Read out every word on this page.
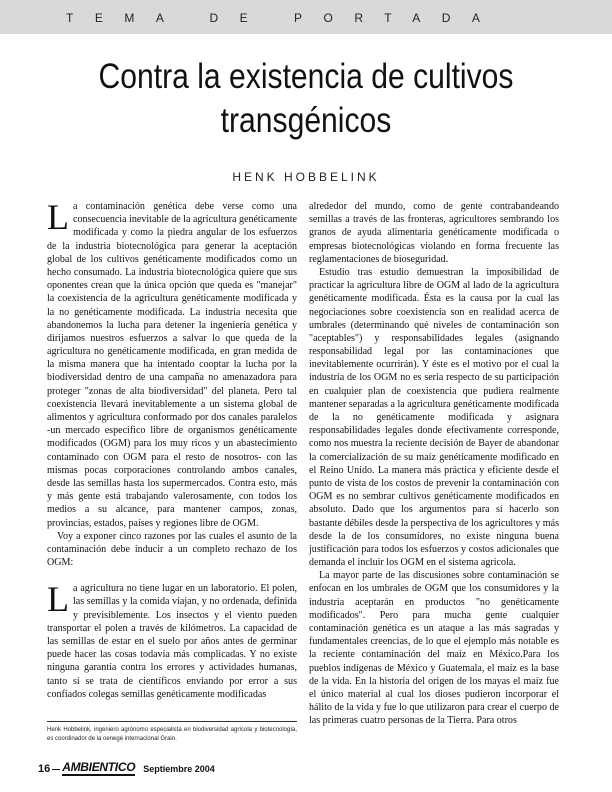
TEMA DE PORTADA
Contra la existencia de cultivos transgénicos
HENK HOBBELINK

La contaminación genética debe verse como una consecuencia inevitable de la agricultura genéticamente modificada y como la piedra angular de los esfuerzos de la industria biotecnológica para generar la aceptación global de los cultivos genéticamente modificados como un hecho consumado. La industria biotecnológica quiere que sus oponentes crean que la única opción que queda es "manejar" la coexistencia de la agricultura genéticamente modificada y la no genéticamente modificada. La industria necesita que abandonemos la lucha para detener la ingeniería genética y dirijamos nuestros esfuerzos a salvar lo que queda de la agricultura no genéticamente modificada, en gran medida de la misma manera que ha intentado cooptar la lucha por la biodiversidad dentro de una campaña no amenazadora para proteger "zonas de alta biodiversidad" del planeta. Pero tal coexistencia llevará inevitablemente a un sistema global de alimentos y agricultura conformado por dos canales paralelos -un mercado específico libre de organismos genéticamente modificados (OGM) para los muy ricos y un abastecimiento contaminado con OGM para el resto de nosotros- con las mismas pocas corporaciones controlando ambos canales, desde las semillas hasta los supermercados. Contra esto, más y más gente está trabajando valerosamente, con todos los medios a su alcance, para mantener campos, zonas, provincias, estados, países y regiones libre de OGM.

Voy a exponer cinco razones por las cuales el asunto de la contaminación debe inducir a un completo rechazo de los OGM:

La agricultura no tiene lugar en un laboratorio. El polen, las semillas y la comida viajan, y no ordenada, definida y previsiblemente. Los insectos y el viento pueden transportar el polen a través de kilómetros. La capacidad de las semillas de estar en el suelo por años antes de germinar puede hacer las cosas todavía más complicadas. Y no existe ninguna garantía contra los errores y actividades humanas, tanto si se trata de científicos enviando por error a sus confiados colegas semillas genéticamente modificadas

alrededor del mundo, como de gente contrabandeando semillas a través de las fronteras, agricultores sembrando los granos de ayuda alimentaria genéticamente modificada o empresas biotecnológicas violando en forma frecuente las reglamentaciones de bioseguridad.

Estudio tras estudio demuestran la imposibilidad de practicar la agricultura libre de OGM al lado de la agricultura genéticamente modificada. Ésta es la causa por la cual las negociaciones sobre coexistencia son en realidad acerca de umbrales (determinando qué niveles de contaminación son "aceptables") y responsabilidades legales (asignando responsabilidad legal por las contaminaciones que inevitablemente ocurrirán). Y éste es el motivo por el cual la industria de los OGM no es seria respecto de su participación en cualquier plan de coexistencia que pudiera realmente mantener separadas a la agricultura genéticamente modificada de la no genéticamente modificada y asignara responsabilidades legales donde efectivamente corresponde, como nos muestra la reciente decisión de Bayer de abandonar la comercialización de su maíz genéticamente modificado en el Reino Unido. La manera más práctica y eficiente desde el punto de vista de los costos de prevenir la contaminación con OGM es no sembrar cultivos genéticamente modificados en absoluto. Dado que los argumentos para sí hacerlo son bastante débiles desde la perspectiva de los agricultores y más desde la de los consumidores, no existe ninguna buena justificación para todos los esfuerzos y costos adicionales que demanda el incluir los OGM en el sistema agrícola.

La mayor parte de las discusiones sobre contaminación se enfocan en los umbrales de OGM que los consumidores y la industria aceptarán en productos "no genéticamente modificados". Pero para mucha gente cualquier contaminación genética es un ataque a las más sagradas y fundamentales creencias, de lo que el ejemplo más notable es la reciente contaminación del maíz en México.Para los pueblos indígenas de México y Guatemala, el maíz es la base de la vida. En la historia del origen de los mayas el maíz fue el único material al cual los dioses pudieron incorporar el hálito de la vida y fue lo que utilizaron para crear el cuerpo de las primeras cuatro personas de la Tierra. Para otros

Henk Hobbelink, ingeniero agrónomo especialista en biodiversidad agrícola y biotecnología, es coordinador de la oenegé internacional Grain.
16 AMBIENTICO Septiembre 2004
